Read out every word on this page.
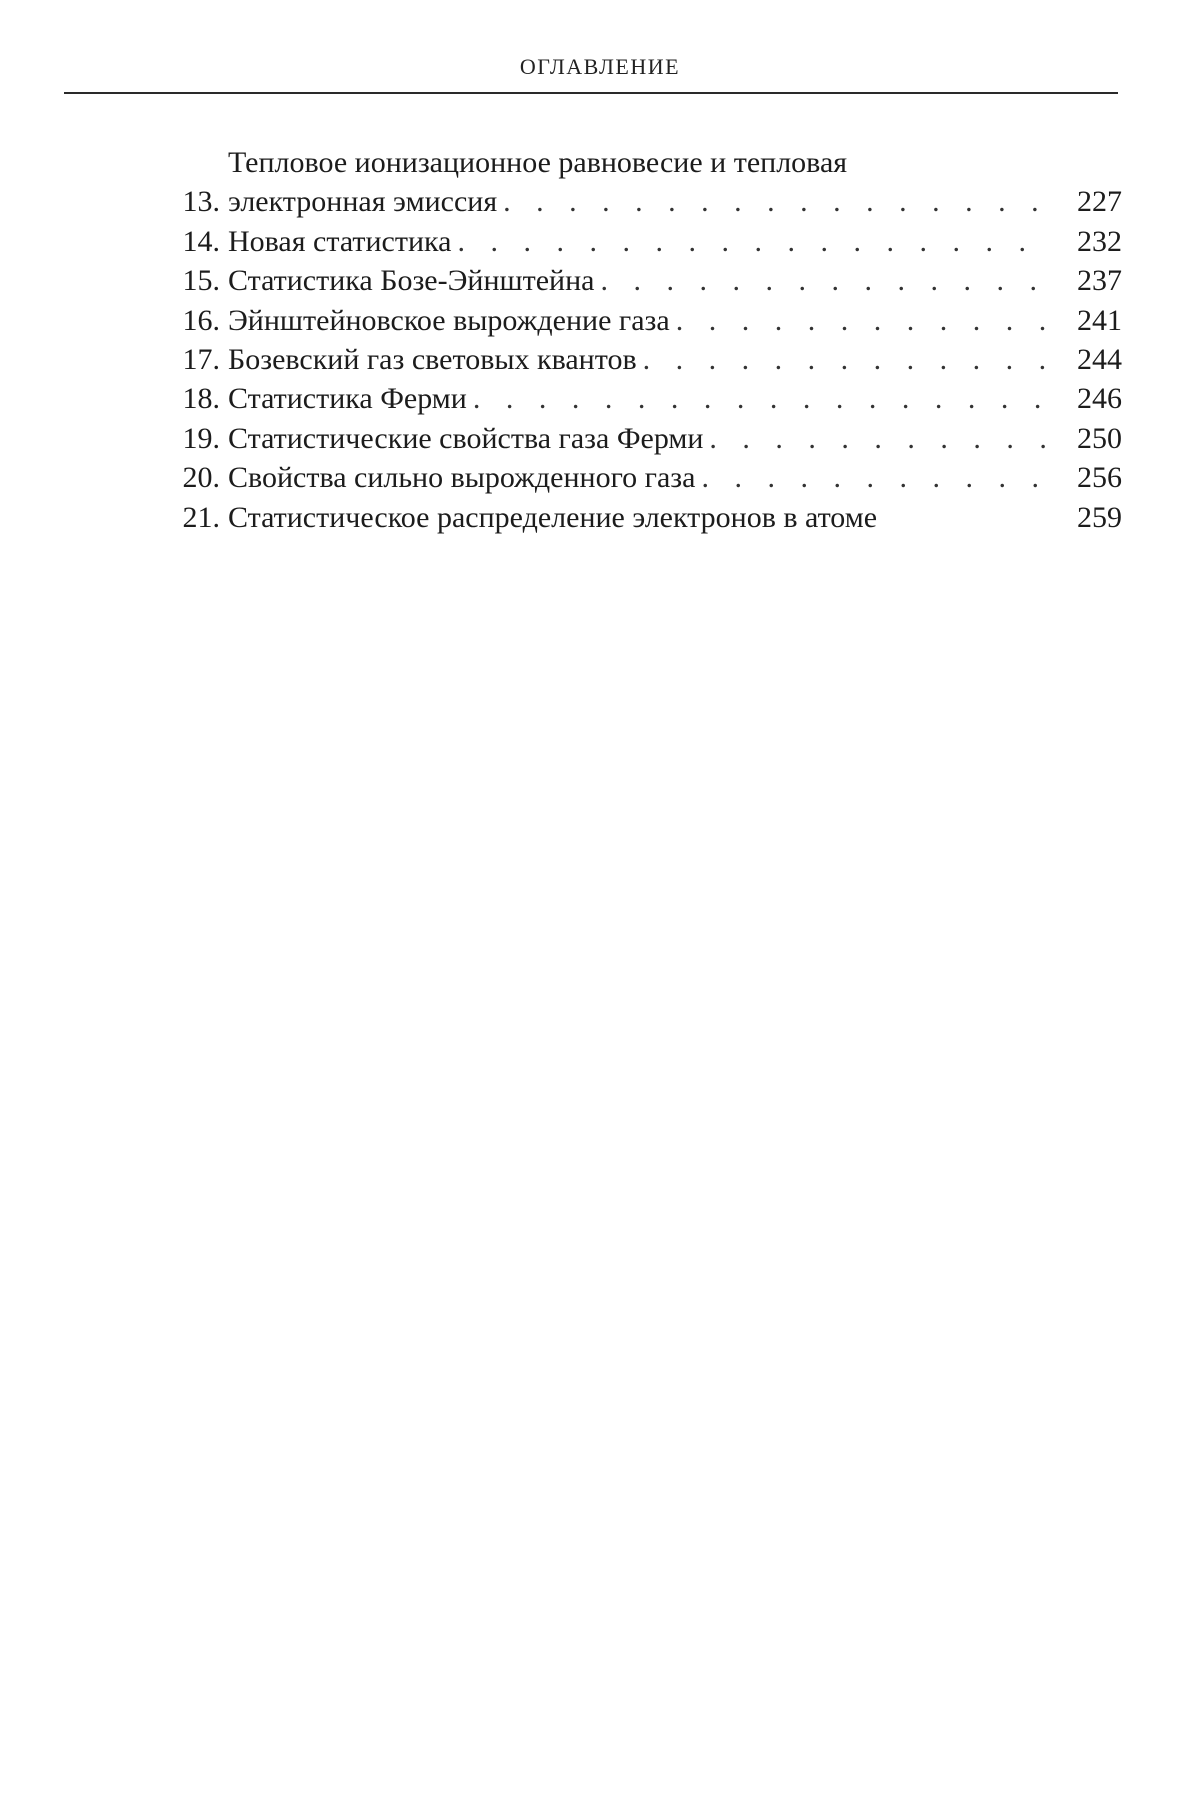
ОГЛАВЛЕНИЕ
13.
Тепловое ионизационное равновесие и тепловая
электронная эмиссия . . .	227
14. Новая статистика . . .	232
15. Статистика Бозе-Эйнштейна . . .	237
16. Эйнштейновское вырождение газа . . .	241
17. Бозевский газ световых квантов . . .	244
18. Статистика Ферми . . .	246
19. Статистические свойства газа Ферми . . .	250
20. Свойства сильно вырожденного газа . . .	256
21. Статистическое распределение электронов в атоме	259
